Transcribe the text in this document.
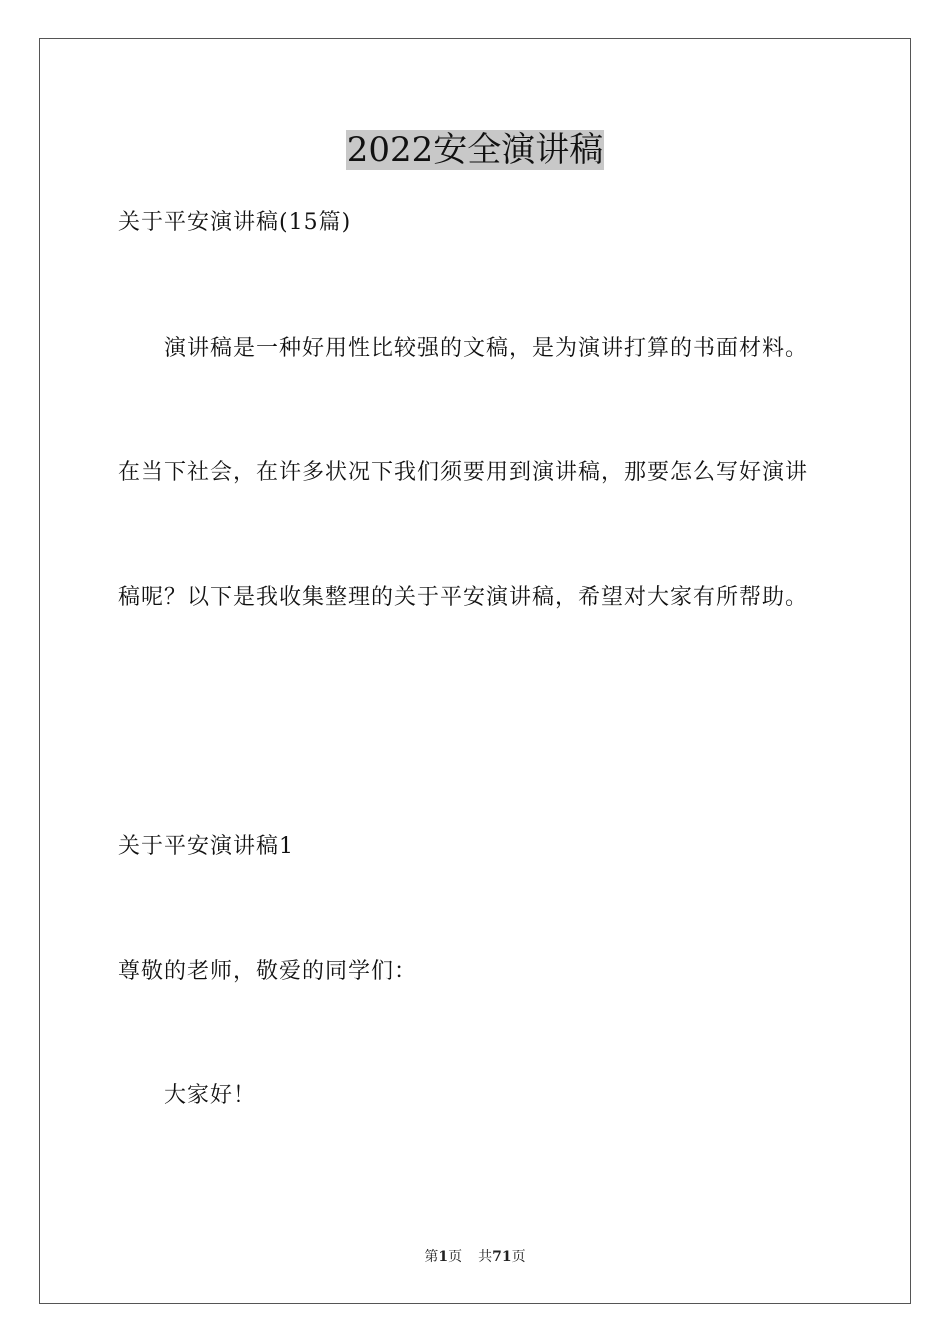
2022安全演讲稿
关于平安演讲稿(15篇)
演讲稿是一种好用性比较强的文稿，是为演讲打算的书面材料。
在当下社会，在许多状况下我们须要用到演讲稿，那要怎么写好演讲
稿呢？以下是我收集整理的关于平安演讲稿，希望对大家有所帮助。
关于平安演讲稿1
尊敬的老师，敬爱的同学们：
大家好！
第1页 共71页
